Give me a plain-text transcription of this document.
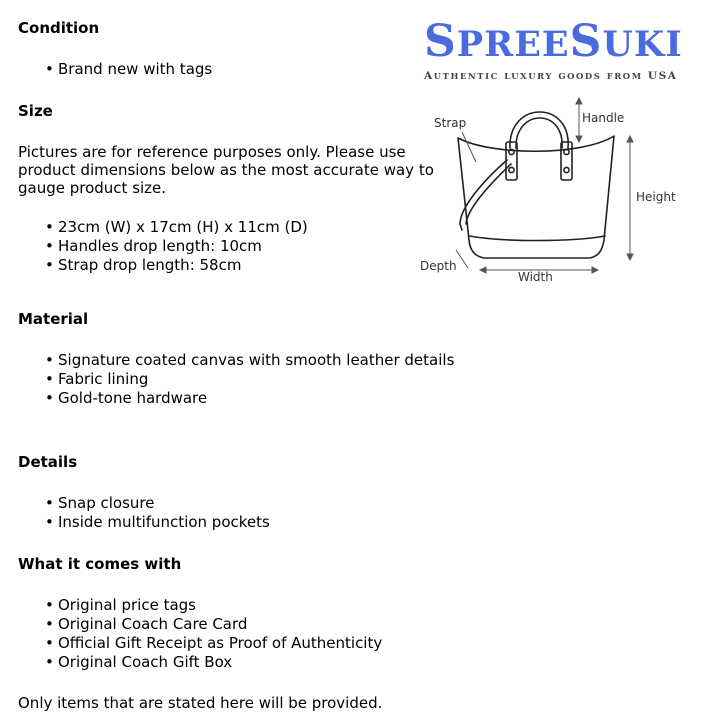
SPREESUKI
AUTHENTIC LUXURY GOODS FROM USA
Strap	Handle
Height
Depth
Width
Condition
• Brand new with tags
Size

Pictures are for reference purposes only. Please use product dimensions below as the most accurate way to gauge product size.

• 23cm (W) x 17cm (H) x 11cm (D)
• Handles drop length: 10cm
• Strap drop length: 58cm
Material
• Signature coated canvas with smooth leather details
• Fabric lining
• Gold-tone hardware
Details
• Snap closure
• Inside multifunction pockets
What it comes with
• Original price tags
• Original Coach Care Card
• Official Gift Receipt as Proof of Authenticity
• Original Coach Gift Box

Only items that are stated here will be provided.
